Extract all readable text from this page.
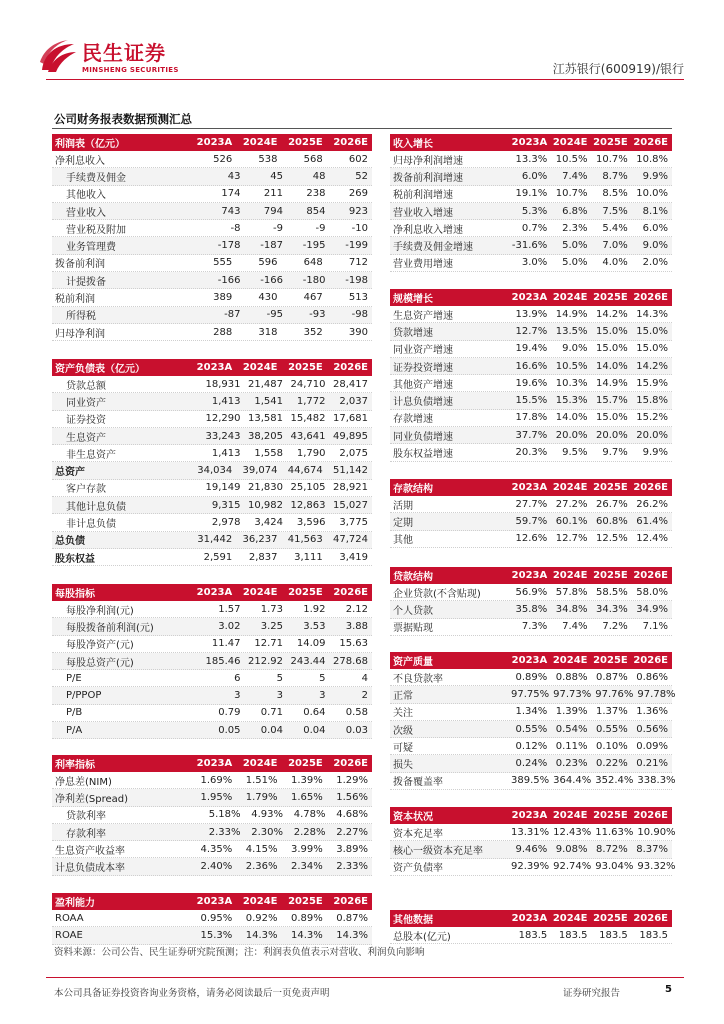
民生证券
MINSHENG SECURITIES	江苏银行(600919)/银行
公司财务报表数据预测汇总
利润表（亿元）	2023A	2024E	2025E	2026E
净利息收入	526	538	568	602
手续费及佣金	43	45	48	52
其他收入	174	211	238	269
营业收入	743	794	854	923
营业税及附加	-8	-9	-9	-10
业务管理费	-178	-187	-195	-199
拨备前利润	555	596	648	712
计提拨备	-166	-166	-180	-198
税前利润	389	430	467	513
所得税	-87	-95	-93	-98
归母净利润	288	318	352	390
资产负债表（亿元）	2023A	2024E	2025E	2026E
贷款总额	18,931 21,487 24,710 28,417
同业资产	1,413	1,541	1,772	2,037
证券投资	12,290 13,581 15,482 17,681
生息资产	33,243 38,205 43,641 49,895
非生息资产	1,413	1,558	1,790	2,075
总资产	34,034	39,074	44,674	51,142
客户存款	19,149 21,830 25,105 28,921
其他计息负债	9,315 10,982 12,863 15,027
非计息负债	2,978	3,424	3,596	3,775
总负债	31,442	36,237	41,563	47,724
股东权益	2,591	2,837	3,111	3,419
每股指标	2023A	2024E	2025E	2026E
每股净利润(元)	1.57	1.73	1.92	2.12
每股拨备前利润(元)	3.02	3.25	3.53	3.88
每股净资产(元)	11.47	12.71	14.09	15.63
每股总资产(元)	185.46 212.92 243.44 278.68
P/E	6	5	5	4
P/PPOP	3	3	3	2
P/B	0.79	0.71	0.64	0.58
P/A	0.05	0.04	0.04	0.03
利率指标	2023A	2024E	2025E	2026E
净息差(NIM)	1.69%	1.51%	1.39%	1.29%
净利差(Spread)	1.95%	1.79%	1.65%	1.56%
贷款利率	5.18%	4.93%	4.78%	4.68%
存款利率	2.33%	2.30%	2.28%	2.27%
生息资产收益率	4.35%	4.15%	3.99%	3.89%
计息负债成本率	2.40%	2.36%	2.34%	2.33%
盈利能力	2023A	2024E	2025E	2026E
ROAA	0.95%	0.92%	0.89%	0.87%
ROAE	15.3%	14.3%	14.3%	14.3%
收入增长	2023A 2024E 2025E 2026E
归母净利润增速	13.3% 10.5% 10.7% 10.8%
拨备前利润增速	6.0%	7.4%	8.7%	9.9%
税前利润增速	19.1% 10.7%	8.5% 10.0%
营业收入增速	5.3%	6.8%	7.5%	8.1%
净利息收入增速	0.7%	2.3%	5.4%	6.0%
手续费及佣金增速	-31.6%	5.0%	7.0%	9.0%
营业费用增速	3.0%	5.0%	4.0%	2.0%
规模增长	2023A 2024E 2025E 2026E
生息资产增速	13.9% 14.9% 14.2% 14.3%
贷款增速	12.7% 13.5% 15.0% 15.0%
同业资产增速	19.4%	9.0% 15.0% 15.0%
证券投资增速	16.6% 10.5% 14.0% 14.2%
其他资产增速	19.6% 10.3% 14.9% 15.9%
计息负债增速	15.5% 15.3% 15.7% 15.8%
存款增速	17.8% 14.0% 15.0% 15.2%
同业负债增速	37.7% 20.0% 20.0% 20.0%
股东权益增速	20.3%	9.5%	9.7%	9.9%
存款结构	2023A 2024E 2025E 2026E
活期	27.7% 27.2% 26.7% 26.2%
定期	59.7% 60.1% 60.8% 61.4%
其他	12.6% 12.7% 12.5% 12.4%
贷款结构	2023A 2024E 2025E 2026E
企业贷款(不含贴现)	56.9% 57.8% 58.5% 58.0%
个人贷款	35.8% 34.8% 34.3% 34.9%
票据贴现	7.3%	7.4%	7.2%	7.1%
资产质量	2023A 2024E 2025E 2026E
不良贷款率	0.89% 0.88% 0.87% 0.86%
正常	97.75% 97.73% 97.76% 97.78%
关注	1.34% 1.39% 1.37% 1.36%
次级	0.55% 0.54% 0.55% 0.56%
可疑	0.12% 0.11% 0.10% 0.09%
损失	0.24% 0.23% 0.22% 0.21%
拨备覆盖率	389.5% 364.4% 352.4% 338.3%
资本状况	2023A 2024E 2025E 2026E
资本充足率	13.31% 12.43% 11.63% 10.90%
核心一级资本充足率	9.46% 9.08% 8.72% 8.37%
资产负债率	92.39% 92.74% 93.04% 93.32%
其他数据	2023A 2024E 2025E 2026E
总股本(亿元)	183.5	183.5	183.5	183.5
资料来源：公司公告、民生证券研究院预测；注：利润表负值表示对营收、利润负向影响
本公司具备证券投资咨询业务资格，请务必阅读最后一页免责声明	证券研究报告	5
